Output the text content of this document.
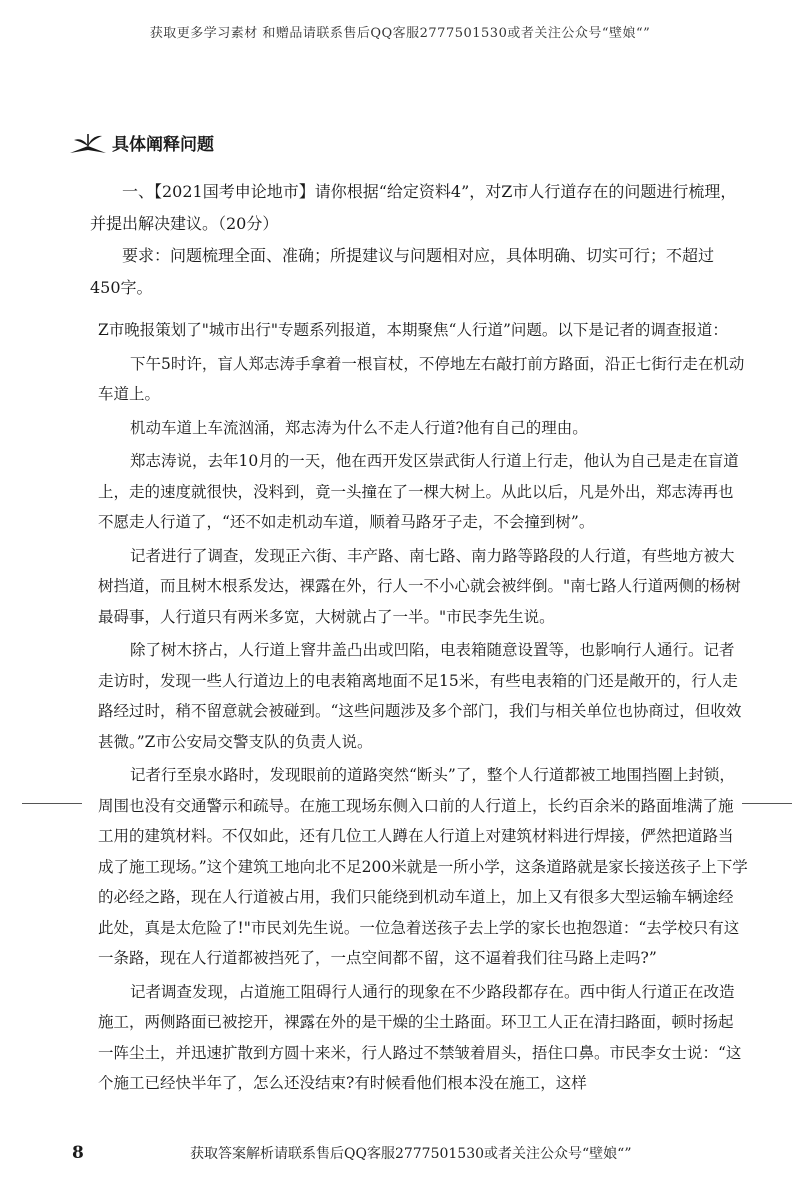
获取更多学习素材 和赠品请联系售后QQ客服2777501530或者关注公众号“壁娘“”
具体阐释问题

一、【2021国考申论地市】请你根据“给定资料4”，对Z市人行道存在的问题进行梳理，并提出解决建议。（20分）

要求：问题梳理全面、准确；所提建议与问题相对应，具体明确、切实可行；不超过450字。

Z市晚报策划了"城市出行"专题系列报道，本期聚焦“人行道”问题。以下是记者的调查报道：

下午5时许，盲人郑志涛手拿着一根盲杖，不停地左右敲打前方路面，沿正七街行走在机动车道上。

机动车道上车流汹涌，郑志涛为什么不走人行道?他有自己的理由。

郑志涛说，去年10月的一天，他在西开发区崇武街人行道上行走，他认为自己是走在盲道上，走的速度就很快，没料到，竟一头撞在了一棵大树上。从此以后，凡是外出，郑志涛再也不愿走人行道了，“还不如走机动车道，顺着马路牙子走，不会撞到树”。

记者进行了调查，发现正六街、丰产路、南七路、南力路等路段的人行道，有些地方被大树挡道，而且树木根系发达，裸露在外，行人一不小心就会被绊倒。"南七路人行道两侧的杨树最碍事，人行道只有两米多宽，大树就占了一半。"市民李先生说。

除了树木挤占，人行道上窨井盖凸出或凹陷，电表箱随意设置等，也影响行人通行。记者走访时，发现一些人行道边上的电表箱离地面不足15米，有些电表箱的门还是敞开的，行人走路经过时，稍不留意就会被碰到。“这些问题涉及多个部门，我们与相关单位也协商过，但收效甚微。”Z市公安局交警支队的负责人说。

记者行至泉水路时，发现眼前的道路突然“断头”了，整个人行道都被工地围挡圈上封锁，周围也没有交通警示和疏导。在施工现场东侧入口前的人行道上，长约百余米的路面堆满了施工用的建筑材料。不仅如此，还有几位工人蹲在人行道上对建筑材料进行焊接，俨然把道路当成了施工现场。”这个建筑工地向北不足200米就是一所小学，这条道路就是家长接送孩子上下学的必经之路，现在人行道被占用，我们只能绕到机动车道上，加上又有很多大型运输车辆途经此处，真是太危险了!"市民刘先生说。一位急着送孩子去上学的家长也抱怨道：“去学校只有这一条路，现在人行道都被挡死了，一点空间都不留，这不逼着我们往马路上走吗?”

记者调查发现，占道施工阻碍行人通行的现象在不少路段都存在。西中街人行道正在改造施工，两侧路面已被挖开，裸露在外的是干燥的尘土路面。环卫工人正在清扫路面，顿时扬起一阵尘土，并迅速扩散到方圆十来米，行人路过不禁皱着眉头，捂住口鼻。市民李女士说：“这个施工已经快半年了，怎么还没结束?有时候看他们根本没在施工，这样

8	获取答案解析请联系售后QQ客服2777501530或者关注公众号“壁娘“”
